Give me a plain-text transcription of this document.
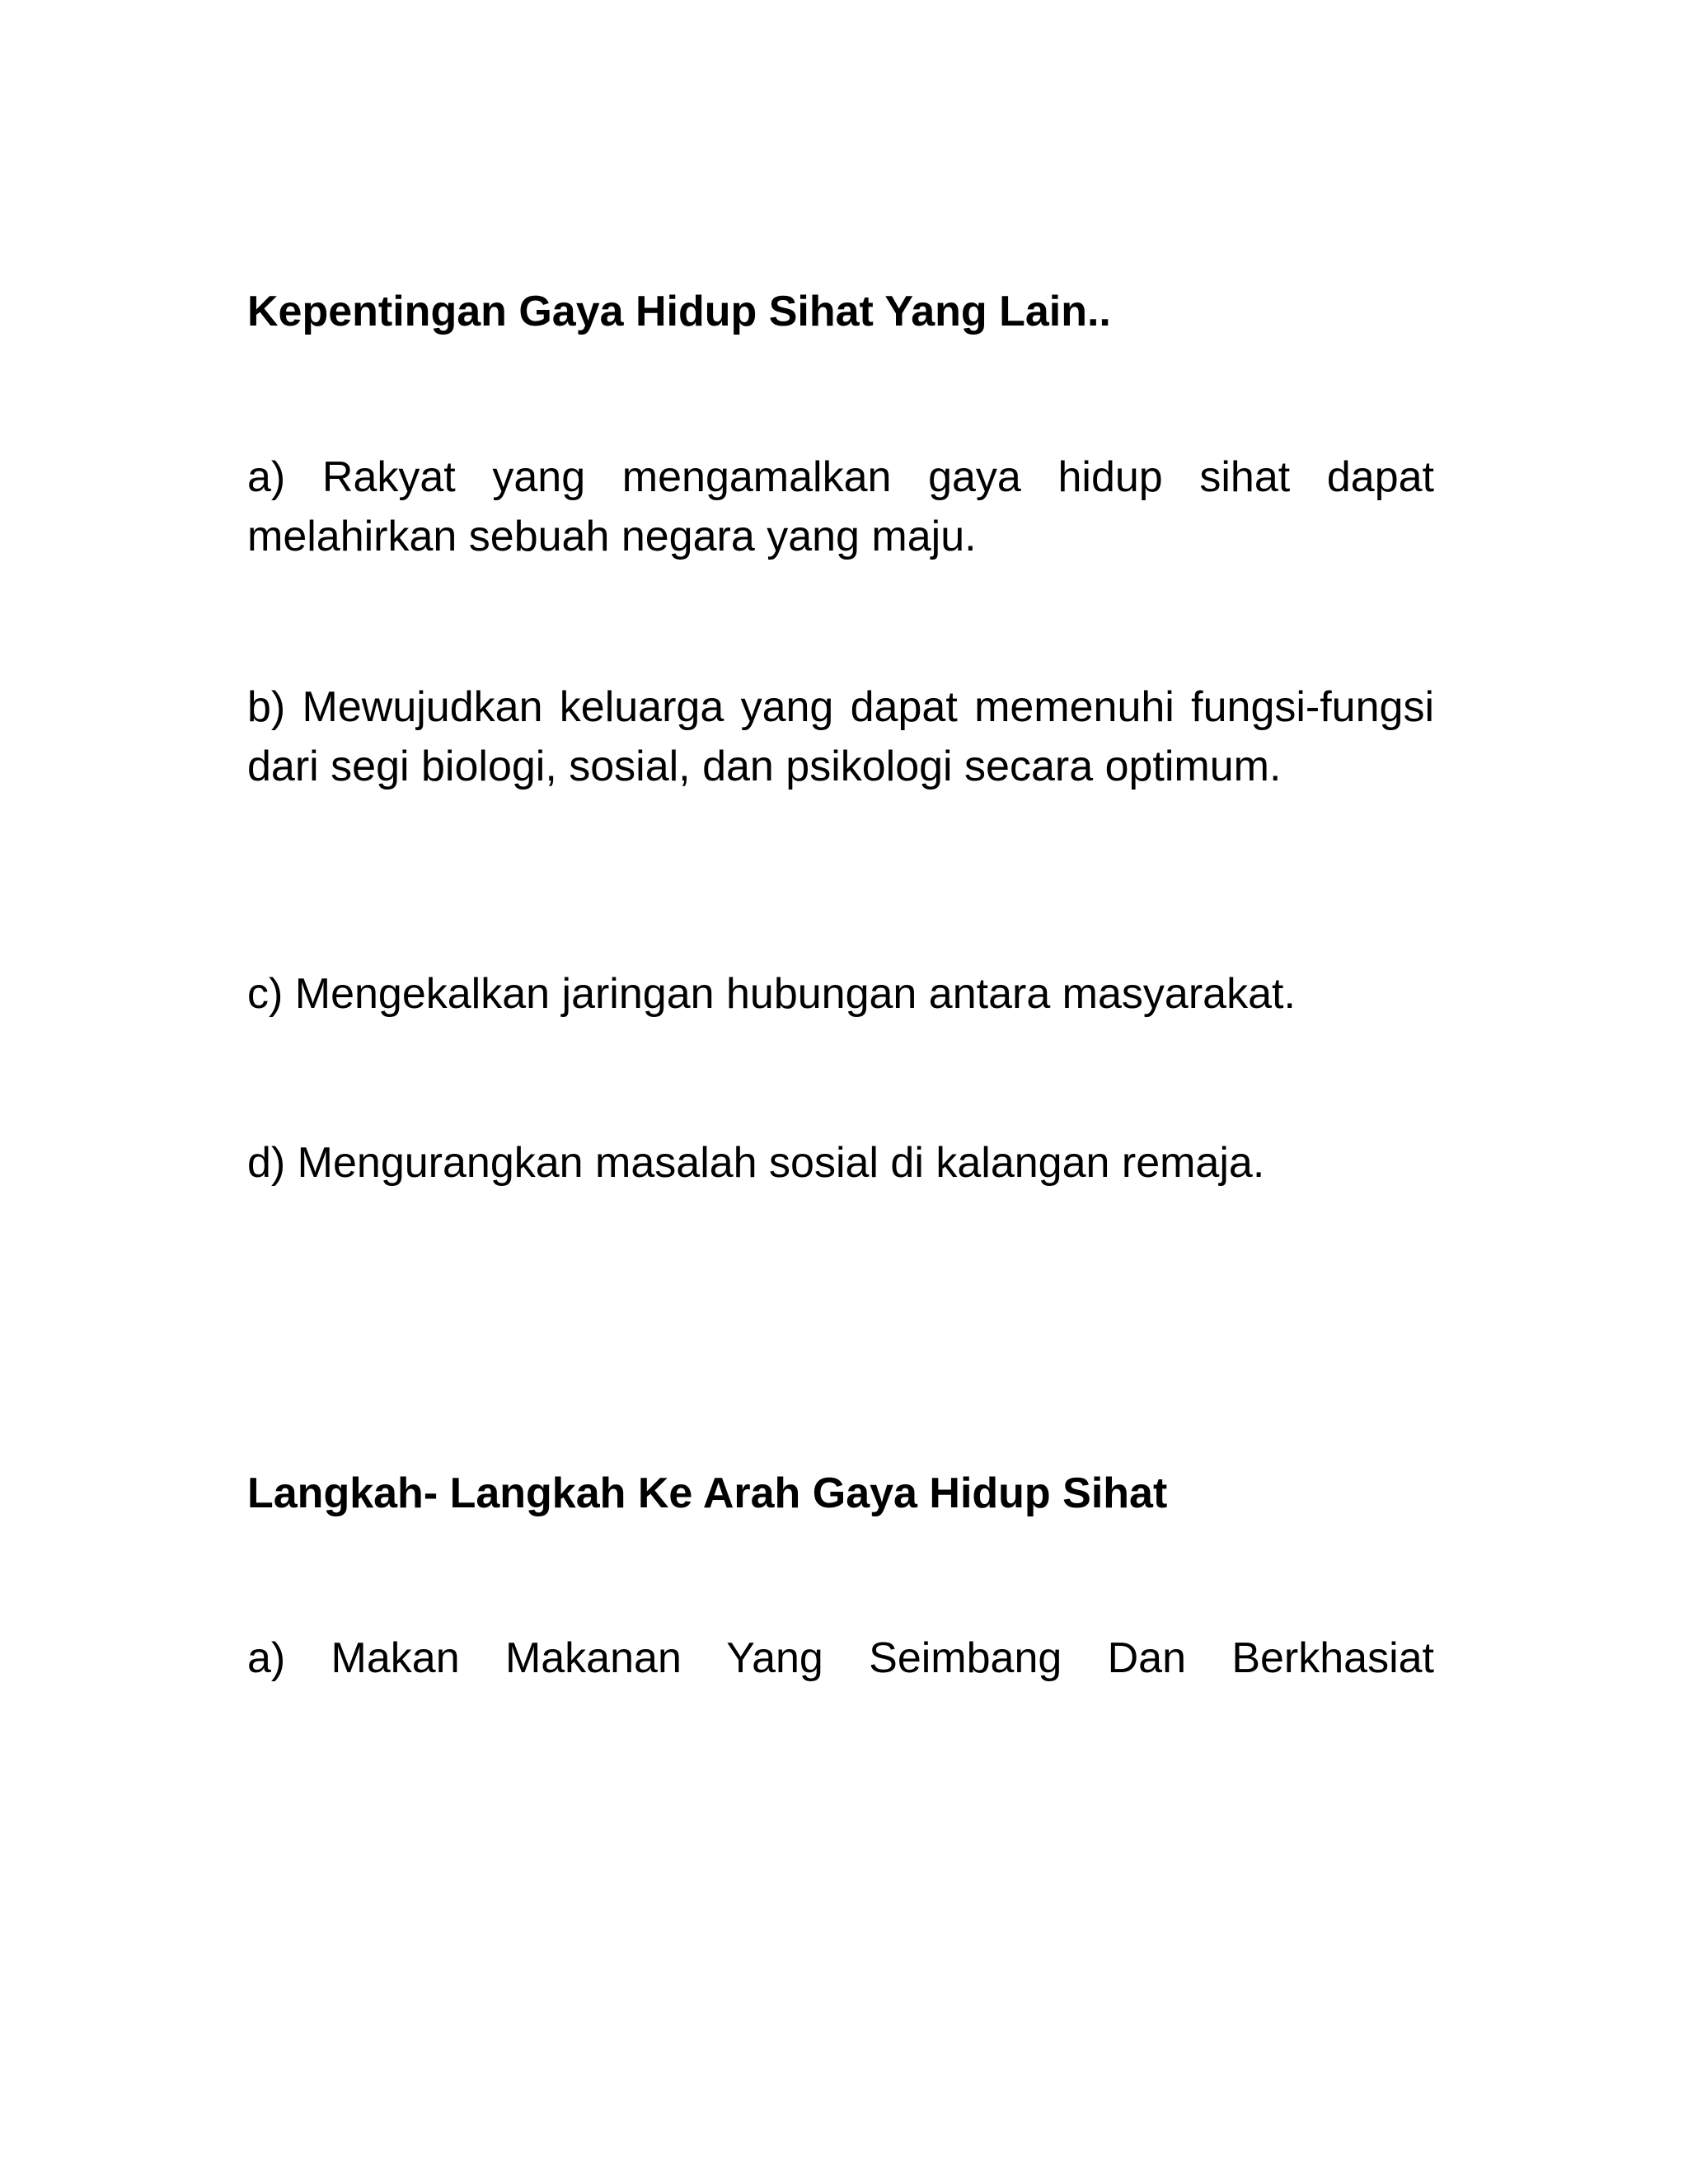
Kepentingan Gaya Hidup Sihat Yang Lain..
a) Rakyat yang mengamalkan gaya hidup sihat dapat melahirkan sebuah negara yang maju.
b) Mewujudkan keluarga yang dapat memenuhi fungsi-fungsi dari segi biologi, sosial, dan psikologi secara optimum.
c) Mengekalkan jaringan hubungan antara masyarakat.
d) Mengurangkan masalah sosial di kalangan remaja.
Langkah- Langkah Ke Arah Gaya Hidup Sihat
a) Makan Makanan Yang Seimbang Dan Berkhasiat
